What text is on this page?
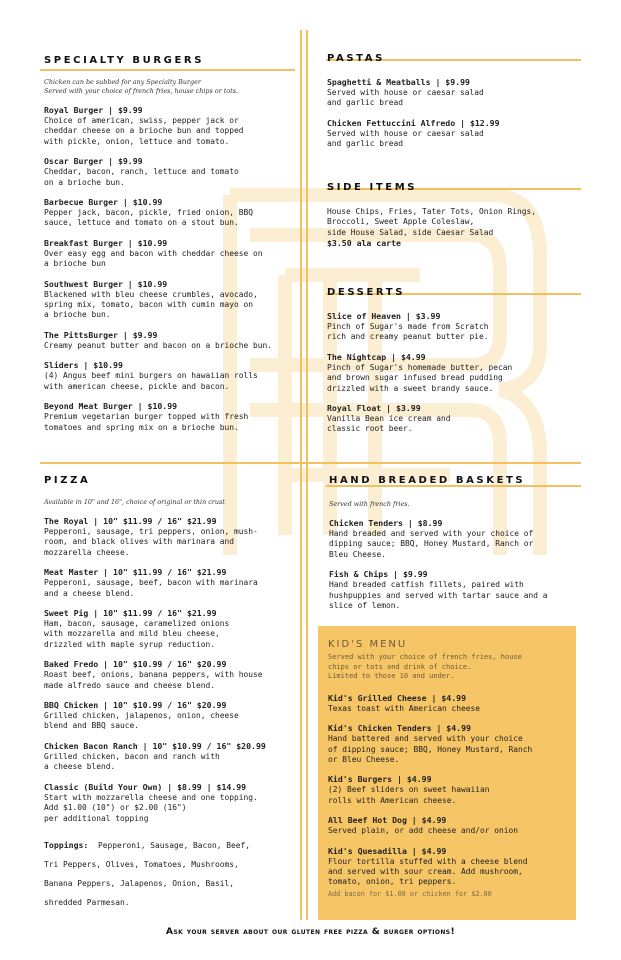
SPECIALTY BURGERS
Chicken can be subbed for any Specialty Burger
Served with your choice of french fries, house chips or tots.
Royal Burger | $9.99
Choice of american, swiss, pepper jack or
cheddar cheese on a brioche bun and topped
with pickle, onion, lettuce and tomato.
Oscar Burger | $9.99
Cheddar, bacon, ranch, lettuce and tomato
on a brioche bun.
Barbecue Burger | $10.99
Pepper jack, bacon, pickle, fried onion, BBQ
sauce, lettuce and tomato on a stout bun.
Breakfast Burger | $10.99
Over easy egg and bacon with cheddar cheese on
a brioche bun
Southwest Burger | $10.99
Blackened with bleu cheese crumbles, avocado,
spring mix, tomato, bacon with cumin mayo on
a brioche bun.
The PittsBurger | $9.99
Creamy peanut butter and bacon on a brioche bun.
Sliders | $10.99
(4) Angus beef mini burgers on hawaiian rolls
with american cheese, pickle and bacon.
Beyond Meat Burger | $10.99
Premium vegetarian burger topped with fresh
tomatoes and spring mix on a brioche bun.
PIZZA
Available in 10" and 16", choice of original or thin crust
The Royal | 10" $11.99 / 16" $21.99
Pepperoni, sausage, tri peppers, onion, mush-
room, and black olives with marinara and
mozzarella cheese.
Meat Master | 10" $11.99 / 16" $21.99
Pepperoni, sausage, beef, bacon with marinara
and a cheese blend.
Sweet Pig | 10" $11.99 / 16" $21.99
Ham, bacon, sausage, caramelized onions
with mozzarella and mild bleu cheese,
drizzled with maple syrup reduction.
Baked Fredo | 10" $10.99 / 16" $20.99
Roast beef, onions, banana peppers, with house
made alfredo sauce and cheese blend.
BBQ Chicken | 10" $10.99 / 16" $20.99
Grilled chicken, jalapenos, onion, cheese
blend and BBQ sauce.
Chicken Bacon Ranch | 10" $10.99 / 16" $20.99
Grilled chicken, bacon and ranch with
a cheese blend.
Classic (Build Your Own) | $8.99 | $14.99
Start with mozzarella cheese and one topping.
Add $1.00 (10") or $2.00 (16")
per additional topping
Toppings: Pepperoni, Sausage, Bacon, Beef,
Tri Peppers, Olives, Tomatoes, Mushrooms,
Banana Peppers, Jalapenos, Onion, Basil,
shredded Parmesan.
PASTAS
Spaghetti & Meatballs | $9.99
Served with house or caesar salad
and garlic bread
Chicken Fettuccini Alfredo | $12.99
Served with house or caesar salad
and garlic bread
SIDE ITEMS
House Chips, Fries, Tater Tots, Onion Rings,
Broccoli, Sweet Apple Coleslaw,
side House Salad, side Caesar Salad
$3.50 ala carte
DESSERTS
Slice of Heaven | $3.99
Pinch of Sugar's made from Scratch
rich and creamy peanut butter pie.
The Nightcap | $4.99
Pinch of Sugar's homemade butter, pecan
and brown sugar infused bread pudding
drizzled with a sweet brandy sauce.
Royal Float | $3.99
Vanilla Bean ice cream and
classic root beer.
HAND BREADED BASKETS
Served with french fries.
Chicken Tenders | $8.99
Hand breaded and served with your choice of
dipping sauce; BBQ, Honey Mustard, Ranch or
Bleu Cheese.
Fish & Chips | $9.99
Hand breaded catfish fillets, paired with
hushpuppies and served with tartar sauce and a
slice of lemon.
KID'S MENU
Served with your choice of french fries, house
chips or tots and drink of choice.
Limited to those 10 and under.
Kid's Grilled Cheese | $4.99
Texas toast with American cheese
Kid's Chicken Tenders | $4.99
Hand battered and served with your choice
of dipping sauce; BBQ, Honey Mustard, Ranch
or Bleu Cheese.
Kid's Burgers | $4.99
(2) Beef sliders on sweet hawaiian
rolls with American cheese.
All Beef Hot Dog | $4.99
Served plain, or add cheese and/or onion
Kid's Quesadilla | $4.99
Flour tortilla stuffed with a cheese blend
and served with sour cream. Add mushroom,
tomato, onion, tri peppers.
Add bacon for $1.00 or chicken for $2.00
Ask your server about our gluten free pizza & burger options!
